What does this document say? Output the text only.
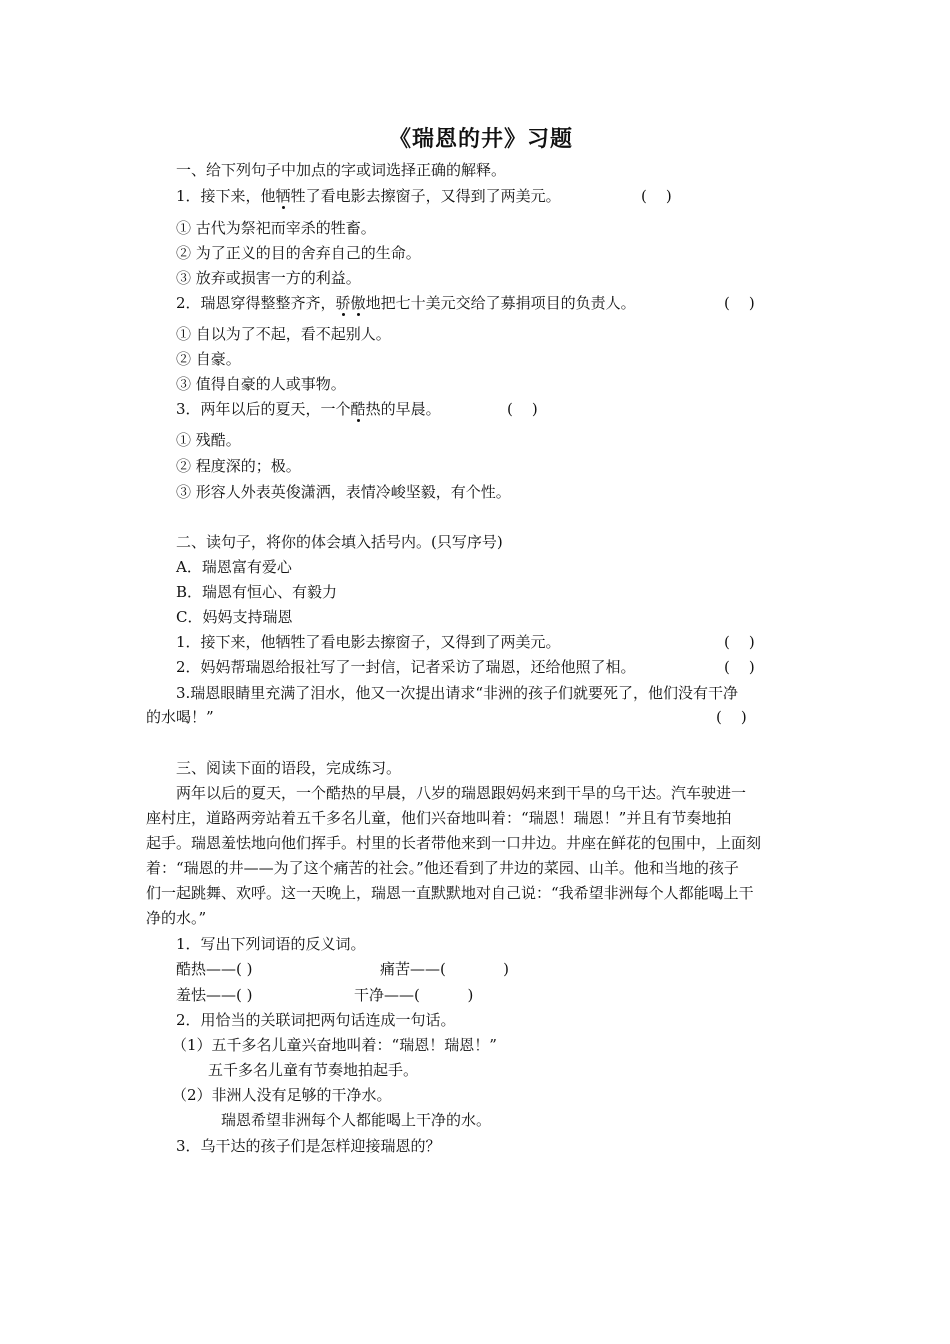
《瑞恩的井》习题
一、给下列句子中加点的字或词选择正确的解释。
1．接下来，他牺牲了看电影去擦窗子，又得到了两美元。	(    )
① 古代为祭祀而宰杀的牲畜。
② 为了正义的目的舍弃自己的生命。
③ 放弃或损害一方的利益。
2．瑞恩穿得整整齐齐，骄傲地把七十美元交给了募捐项目的负责人。	(    )
① 自以为了不起，看不起别人。
② 自豪。
③ 值得自豪的人或事物。
3．两年以后的夏天，一个酷热的早晨。	(    )
① 残酷。
② 程度深的；极。
③ 形容人外表英俊潇洒，表情冷峻坚毅，有个性。
二、读句子，将你的体会填入括号内。(只写序号)
A．瑞恩富有爱心
B．瑞恩有恒心、有毅力
C．妈妈支持瑞恩
1．接下来，他牺牲了看电影去擦窗子，又得到了两美元。	(    )
2．妈妈帮瑞恩给报社写了一封信，记者采访了瑞恩，还给他照了相。	(    )
3.瑞恩眼睛里充满了泪水，他又一次提出请求“非洲的孩子们就要死了，他们没有干净
的水喝！”	(    )
三、阅读下面的语段，完成练习。
两年以后的夏天，一个酷热的早晨，八岁的瑞恩跟妈妈来到干旱的乌干达。汽车驶进一
座村庄，道路两旁站着五千多名儿童，他们兴奋地叫着：“瑞恩！瑞恩！”并且有节奏地拍
起手。瑞恩羞怯地向他们挥手。村里的长者带他来到一口井边。井座在鲜花的包围中，上面刻
着：“瑞恩的井——为了这个痛苦的社会。”他还看到了井边的菜园、山羊。他和当地的孩子
们一起跳舞、欢呼。这一天晚上，瑞恩一直默默地对自己说：“我希望非洲每个人都能喝上干
净的水。”
1．写出下列词语的反义词。
酷热——( )	痛苦——(            )
羞怯——( )	干净——(          )
2．用恰当的关联词把两句话连成一句话。
（1）五千多名儿童兴奋地叫着：“瑞恩！瑞恩！”
五千多名儿童有节奏地拍起手。
（2）非洲人没有足够的干净水。
瑞恩希望非洲每个人都能喝上干净的水。
3．乌干达的孩子们是怎样迎接瑞恩的？
